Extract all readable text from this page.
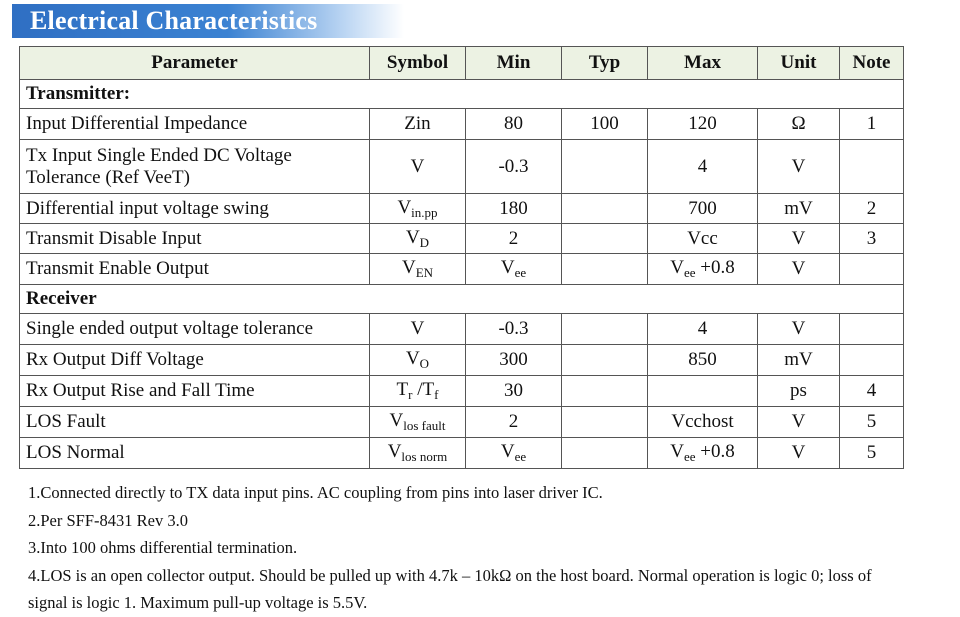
Electrical Characteristics
Parameter	Symbol	Min	Typ	Max	Unit	Note
Transmitter:						
Input Differential Impedance	Zin	80	100	120	Ω	1
Tx Input Single Ended DC Voltage Tolerance (Ref VeeT)	V	-0.3		4	V	
Differential input voltage swing	$V_{in.pp}$	180		700	mV	2
Transmit Disable Input	$V_D$	2		Vcc	V	3
Transmit Enable Output	$V_{EN}$	$V_{ee}$		$V_{ee} +0.8$	V	
Receiver						
Single ended output voltage tolerance	V	-0.3		4	V	
Rx Output Diff Voltage	$V_O$	300		850	mV	
Rx Output Rise and Fall Time	$T_r$ $/T_f$	30			ps	4
LOS Fault	$V_{los fault}$	2		Vcchost	V	5
LOS Normal	$V_{los norm}$	$V_{ee}$		$V_{ee} +0.8$	V	5

1.Connected directly to TX data input pins. AC coupling from pins into laser driver IC.

2.Per SFF-8431 Rev 3.0

3.Into 100 ohms differential termination.

4.LOS is an open collector output. Should be pulled up with 4.7k – 10kΩ on the host board. Normal operation is logic 0; loss of signal is logic 1. Maximum pull-up voltage is 5.5V.
